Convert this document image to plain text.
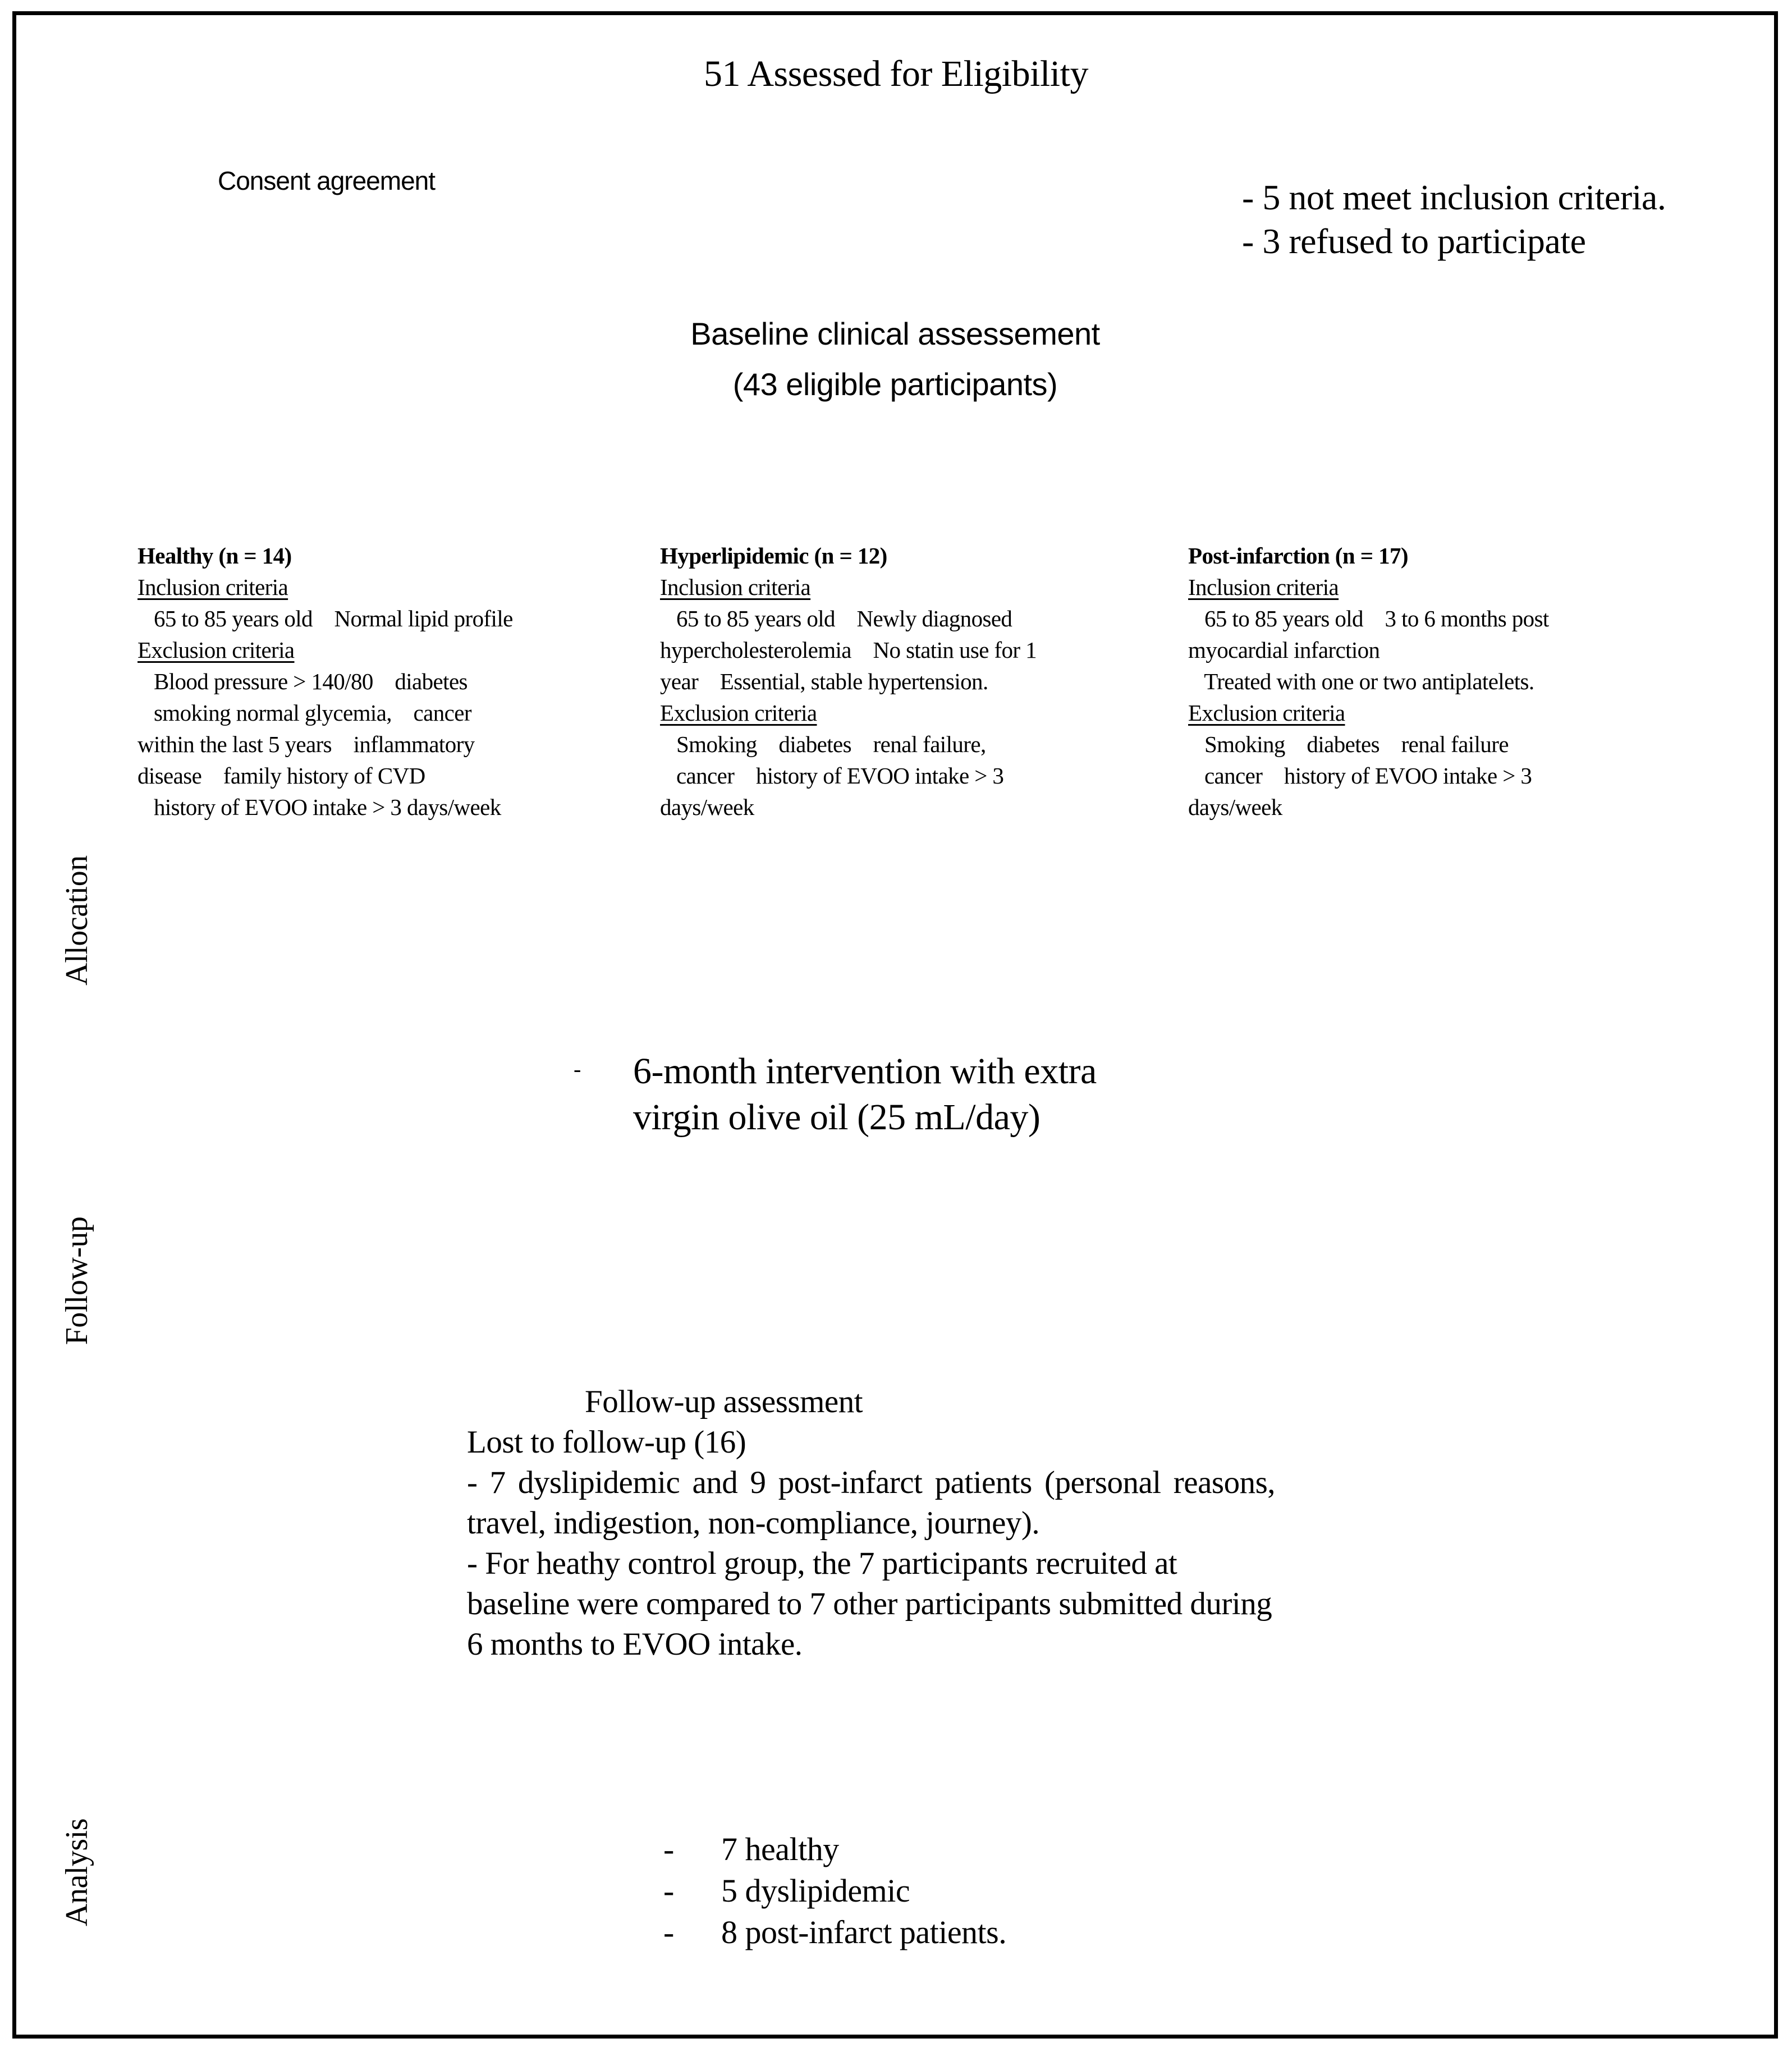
51 Assessed for Eligibility
Consent agreement	- 5 not meet inclusion criteria.
- 3 refused to participate
Baseline clinical assessement
(43 eligible participants)
Allocation
Follow-up
Analysis
Healthy (n = 14)
Inclusion criteria
65 to 85 years old    Normal lipid profile
Exclusion criteria
Blood pressure > 140/80    diabetes
smoking normal glycemia,    cancer
within the last 5 years    inflammatory
disease    family history of CVD
history of EVOO intake > 3 days/week
Hyperlipidemic (n = 12)
Inclusion criteria
65 to 85 years old    Newly diagnosed
hypercholesterolemia    No statin use for 1
year    Essential, stable hypertension.
Exclusion criteria
Smoking    diabetes    renal failure,
cancer    history of EVOO intake > 3
days/week
Post-infarction (n = 17)
Inclusion criteria
65 to 85 years old    3 to 6 months post
myocardial infarction
Treated with one or two antiplatelets.
Exclusion criteria
Smoking    diabetes    renal failure
cancer    history of EVOO intake > 3
days/week
- 6-month intervention with extra
virgin olive oil (25 mL/day)
Follow-up assessment

Lost to follow-up (16)

- 7 dyslipidemic and 9 post-infarct patients (personal reasons, travel, indigestion, non-compliance, journey).

- For heathy control group, the 7 participants recruited at baseline were compared to 7 other participants submitted during 6 months to EVOO intake.

-	7 healthy
-	5 dyslipidemic
-	8 post-infarct patients.
